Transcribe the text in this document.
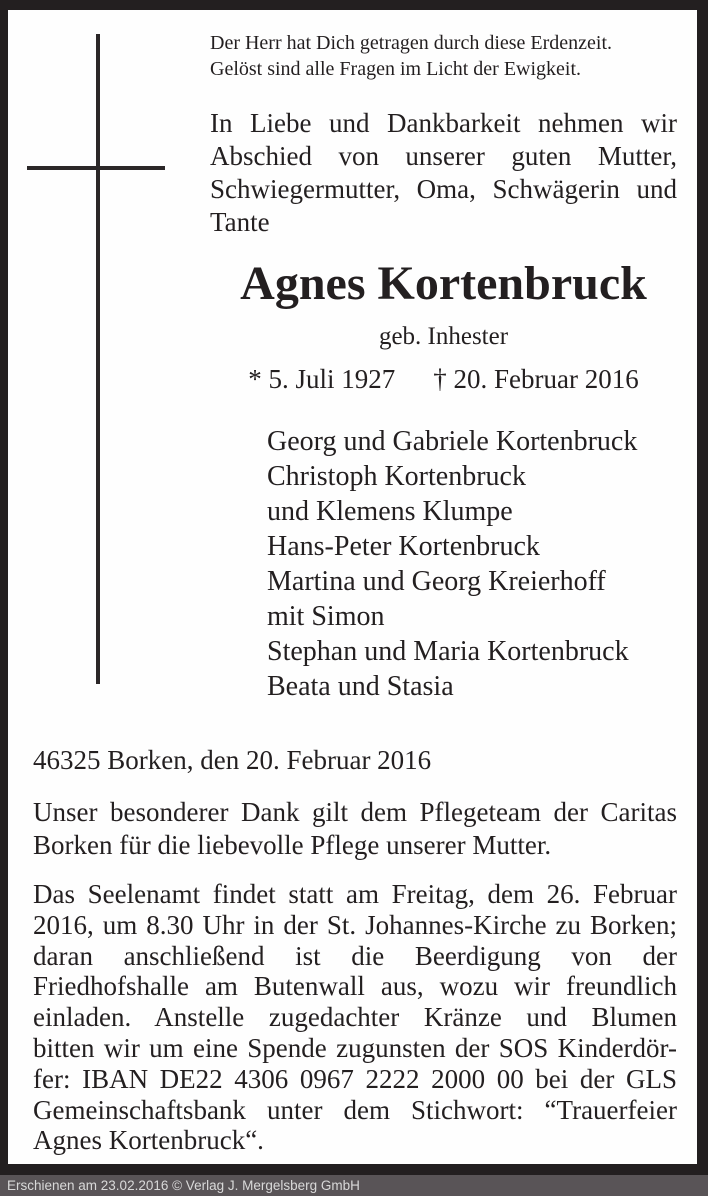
Der Herr hat Dich getragen durch diese Erdenzeit.
Gelöst sind alle Fragen im Licht der Ewigkeit.
In Liebe und Dankbarkeit nehmen wir
Abschied von unserer guten Mutter,
Schwiegermutter, Oma, Schwägerin und
Tante
Agnes Kortenbruck
geb. Inhester
* 5. Juli 1927 † 20. Februar 2016
Georg und Gabriele Kortenbruck
Christoph Kortenbruck
und Klemens Klumpe
Hans-Peter Kortenbruck
Martina und Georg Kreierhoff
mit Simon
Stephan und Maria Kortenbruck
Beata und Stasia
46325 Borken, den 20. Februar 2016
Unser besonderer Dank gilt dem Pflegeteam der Caritas
Borken für die liebevolle Pflege unserer Mutter.
Das Seelenamt findet statt am Freitag, dem 26. Februar
2016, um 8.30 Uhr in der St. Johannes-Kirche zu Borken;
daran anschließend ist die Beerdigung von der
Friedhofshalle am Butenwall aus, wozu wir freundlich
einladen. Anstelle zugedachter Kränze und Blumen
bitten wir um eine Spende zugunsten der SOS Kinderdör-
fer: IBAN DE22 4306 0967 2222 2000 00 bei der GLS
Gemeinschaftsbank unter dem Stichwort: “Trauerfeier
Agnes Kortenbruck“.
Erschienen am 23.02.2016 © Verlag J. Mergelsberg GmbH
